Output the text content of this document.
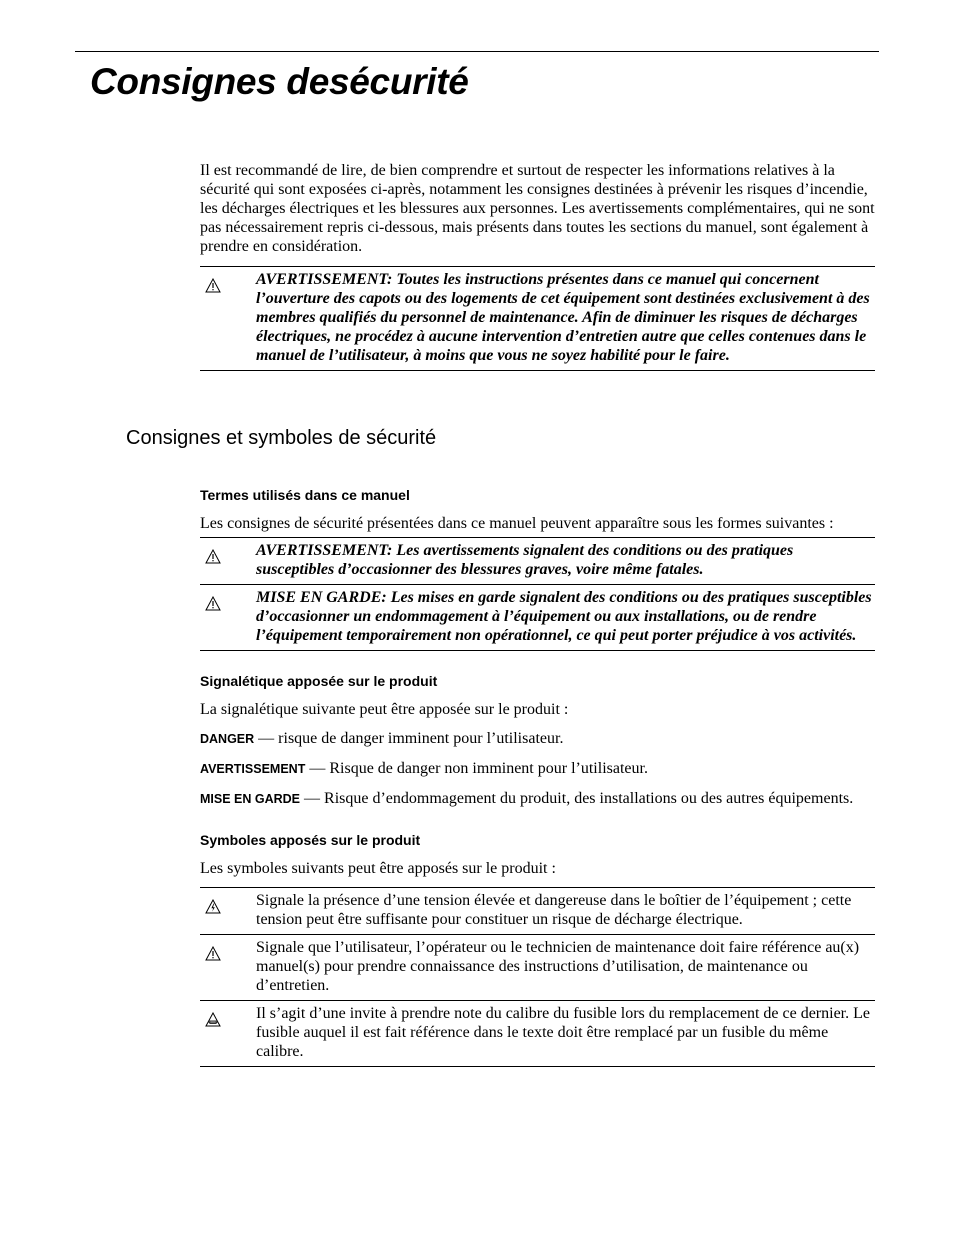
Consignes desécurité

Il est recommandé de lire, de bien comprendre et surtout de respecter les informations relatives à la sécurité qui sont exposées ci-après, notamment les consignes destinées à prévenir les risques d’incendie, les décharges électriques et les blessures aux personnes. Les avertissements complémentaires, qui ne sont pas nécessairement repris ci-dessous, mais présents dans toutes les sections du manuel, sont également à prendre en considération.

AVERTISSEMENT: Toutes les instructions présentes dans ce manuel qui concernent l’ouverture des capots ou des logements de cet équipement sont destinées exclusivement à des membres qualifiés du personnel de maintenance. Afin de diminuer les risques de décharges électriques, ne procédez à aucune intervention d’entretien autre que celles contenues dans le manuel de l’utilisateur, à moins que vous ne soyez habilité pour le faire.
Consignes et symboles de sécurité
Termes utilisés dans ce manuel

Les consignes de sécurité présentées dans ce manuel peuvent apparaître sous les formes suivantes :

AVERTISSEMENT: Les avertissements signalent des conditions ou des pratiques susceptibles d’occasionner des blessures graves, voire même fatales.
MISE EN GARDE: Les mises en garde signalent des conditions ou des pratiques susceptibles d’occasionner un endommagement à l’équipement ou aux installations, ou de rendre l’équipement temporairement non opérationnel, ce qui peut porter préjudice à vos activités.
Signalétique apposée sur le produit

La signalétique suivante peut être apposée sur le produit :

DANGER — risque de danger imminent pour l’utilisateur.

AVERTISSEMENT — Risque de danger non imminent pour l’utilisateur.

MISE EN GARDE — Risque d’endommagement du produit, des installations ou des autres équipements.

Symboles apposés sur le produit

Les symboles suivants peut être apposés sur le produit :

Signale la présence d’une tension élevée et dangereuse dans le boîtier de l’équipement ; cette tension peut être suffisante pour constituer un risque de décharge électrique.
Signale que l’utilisateur, l’opérateur ou le technicien de maintenance doit faire référence au(x) manuel(s) pour prendre connaissance des instructions d’utilisation, de maintenance ou d’entretien.
Il s’agit d’une invite à prendre note du calibre du fusible lors du remplacement de ce dernier. Le fusible auquel il est fait référence dans le texte doit être remplacé par un fusible du même calibre.
